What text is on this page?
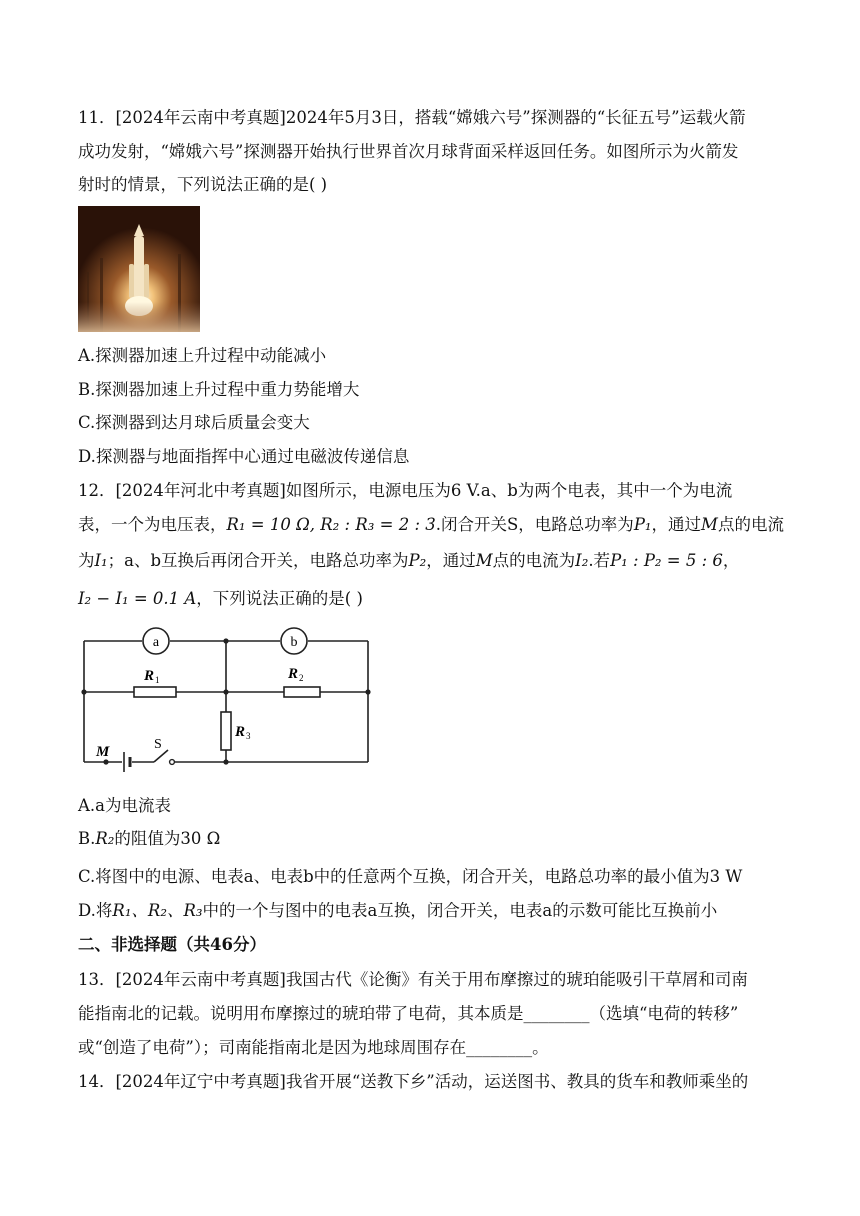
11．[2024年云南中考真题]2024年5月3日，搭载“嫦娥六号”探测器的“长征五号”运载火箭
成功发射，“嫦娥六号”探测器开始执行世界首次月球背面采样返回任务。如图所示为火箭发
射时的情景，下列说法正确的是( )
A.探测器加速上升过程中动能减小
B.探测器加速上升过程中重力势能增大
C.探测器到达月球后质量会变大
D.探测器与地面指挥中心通过电磁波传递信息
12．[2024年河北中考真题]如图所示，电源电压为6 V.a、b为两个电表，其中一个为电流
表，一个为电压表，R₁ = 10 Ω, R₂ : R₃ = 2 : 3.闭合开关S，电路总功率为P₁，通过M点的电流
为I₁；a、b互换后再闭合开关，电路总功率为P₂，通过M点的电流为I₂.若P₁ : P₂ = 5 : 6，
I₂ − I₁ = 0.1 A，下列说法正确的是( )
a	b
R 1	R 2
R 3
M	S
A.a为电流表
B.R₂的阻值为30 Ω
C.将图中的电源、电表a、电表b中的任意两个互换，闭合开关，电路总功率的最小值为3 W
D.将R₁、R₂、R₃中的一个与图中的电表a互换，闭合开关，电表a的示数可能比互换前小
二、非选择题（共46分）
13．[2024年云南中考真题]我国古代《论衡》有关于用布摩擦过的琥珀能吸引干草屑和司南
能指南北的记载。说明用布摩擦过的琥珀带了电荷，其本质是________（选填“电荷的转移”
或“创造了电荷”）；司南能指南北是因为地球周围存在________。
14．[2024年辽宁中考真题]我省开展“送教下乡”活动，运送图书、教具的货车和教师乘坐的
